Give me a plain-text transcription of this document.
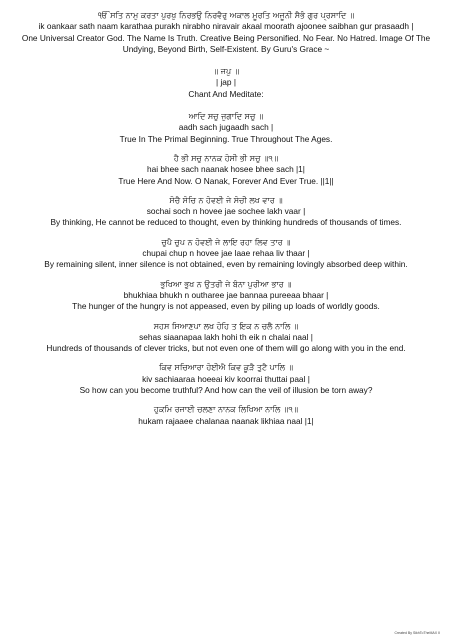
ੴ ਸਤਿ ਨਾਮੁ ਕਰਤਾ ਪੁਰਖੁ ਨਿਰਭਉ ਨਿਰਵੈਰੁ ਅਕਾਲ ਮੂਰਤਿ ਅਜੂਨੀ ਸੈਭੰ ਗੁਰ ਪ੍ਰਸਾਦਿ ॥
ik oankaar sath naam karathaa purakh nirabho niravair akaal moorath ajoonee saibhan gur prasaadh |
One Universal Creator God. The Name Is Truth. Creative Being Personified. No Fear. No Hatred. Image Of The Undying, Beyond Birth, Self-Existent. By Guru's Grace ~
॥ ਜਪੁ ॥
| jap |
Chant And Meditate:
ਆਦਿ ਸਚੁ ਜੁਗਾਦਿ ਸਚੁ ॥
aadh sach jugaadh sach |
True In The Primal Beginning. True Throughout The Ages.
ਹੈ ਭੀ ਸਚੁ ਨਾਨਕ ਹੋਸੀ ਭੀ ਸਚੁ ॥੧॥
hai bhee sach naanak hosee bhee sach |1|
True Here And Now. O Nanak, Forever And Ever True. ||1||
ਸੋਚੈ ਸੋਚਿ ਨ ਹੋਵਈ ਜੇ ਸੋਚੀ ਲਖ ਵਾਰ ॥
sochai soch n hovee jae sochee lakh vaar |
By thinking, He cannot be reduced to thought, even by thinking hundreds of thousands of times.
ਚੁਪੈ ਚੁਪ ਨ ਹੋਵਈ ਜੇ ਲਾਇ ਰਹਾ ਲਿਵ ਤਾਰ ॥
chupai chup n hovee jae laae rehaa liv thaar |
By remaining silent, inner silence is not obtained, even by remaining lovingly absorbed deep within.
ਭੁਖਿਆ ਭੁਖ ਨ ਉਤਰੀ ਜੇ ਬੰਨਾ ਪੁਰੀਆ ਭਾਰ ॥
bhukhiaa bhukh n outharee jae bannaa pureeaa bhaar |
The hunger of the hungry is not appeased, even by piling up loads of worldly goods.
ਸਹਸ ਸਿਆਣਪਾ ਲਖ ਹੋਹਿ ਤ ਇਕ ਨ ਚਲੈ ਨਾਲਿ ॥
sehas siaanapaa lakh hohi th eik n chalai naal |
Hundreds of thousands of clever tricks, but not even one of them will go along with you in the end.
ਕਿਵ ਸਚਿਆਰਾ ਹੋਈਐ ਕਿਵ ਕੂੜੈ ਤੁਟੈ ਪਾਲਿ ॥
kiv sachiaaraa hoeeai kiv koorrai thuttai paal |
So how can you become truthful? And how can the veil of illusion be torn away?
ਹੁਕਮਿ ਰਜਾਈ ਚਲਣਾ ਨਾਨਕ ਲਿਖਿਆ ਨਾਲਿ ॥੧॥
hukam rajaaee chalanaa naanak likhiaa naal |1|
Created By SikhToTheMAX II
